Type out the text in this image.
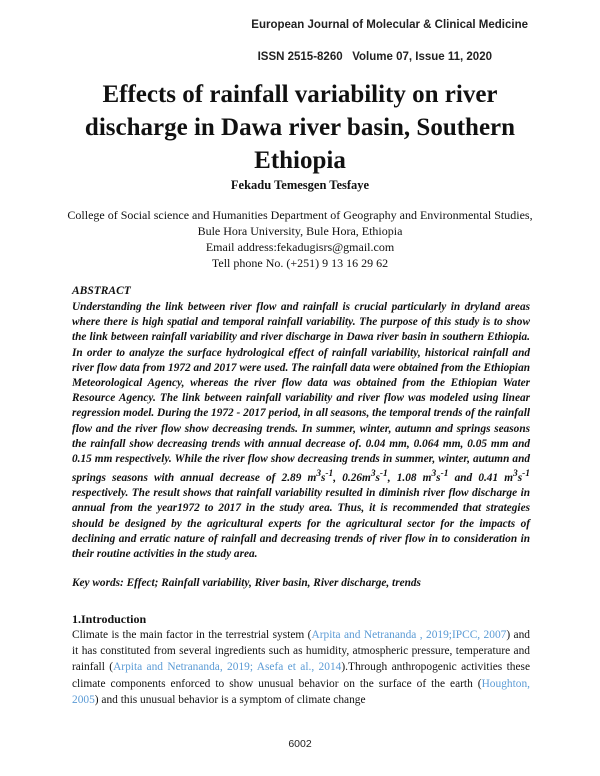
European Journal of Molecular & Clinical Medicine
ISSN 2515-8260   Volume 07, Issue 11, 2020
Effects of rainfall variability on river discharge in Dawa river basin, Southern Ethiopia
Fekadu Temesgen Tesfaye
College of Social science and Humanities Department of Geography and Environmental Studies,
Bule Hora University, Bule Hora, Ethiopia
Email address:fekadugisrs@gmail.com
Tell phone No. (+251) 9 13 16 29 62
ABSTRACT

Understanding the link between river flow and rainfall is crucial particularly in dryland areas where there is high spatial and temporal rainfall variability. The purpose of this study is to show the link between rainfall variability and river discharge in Dawa river basin in southern Ethiopia. In order to analyze the surface hydrological effect of rainfall variability, historical rainfall and river flow data from 1972 and 2017 were used. The rainfall data were obtained from the Ethiopian Meteorological Agency, whereas the river flow data was obtained from the Ethiopian Water Resource Agency. The link between rainfall variability and river flow was modeled using linear regression model. During the 1972 - 2017 period, in all seasons, the temporal trends of the rainfall flow and the river flow show decreasing trends. In summer, winter, autumn and springs seasons the rainfall show decreasing trends with annual decrease of. 0.04 mm, 0.064 mm, 0.05 mm and 0.15 mm respectively. While the river flow show decreasing trends in summer, winter, autumn and springs seasons with annual decrease of 2.89 $m^3s^{-1}$, $0.26m^3s^{-1}$, 1.08 $m^3s^{-1}$ and 0.41 $m^3s^{-1}$ respectively. The result shows that rainfall variability resulted in diminish river flow discharge in annual from the year1972 to 2017 in the study area. Thus, it is recommended that strategies should be designed by the agricultural experts for the agricultural sector for the impacts of declining and erratic nature of rainfall and decreasing trends of river flow in to consideration in their routine activities in the study area.

Key words: Effect; Rainfall variability, River basin, River discharge, trends
1.Introduction

Climate is the main factor in the terrestrial system (Arpita and Netrananda , 2019;IPCC, 2007) and it has constituted from several ingredients such as humidity, atmospheric pressure, temperature and rainfall (Arpita and Netrananda, 2019; Asefa et al., 2014).Through anthropogenic activities these climate components enforced to show unusual behavior on the surface of the earth (Houghton, 2005) and this unusual behavior is a symptom of climate change

6002
